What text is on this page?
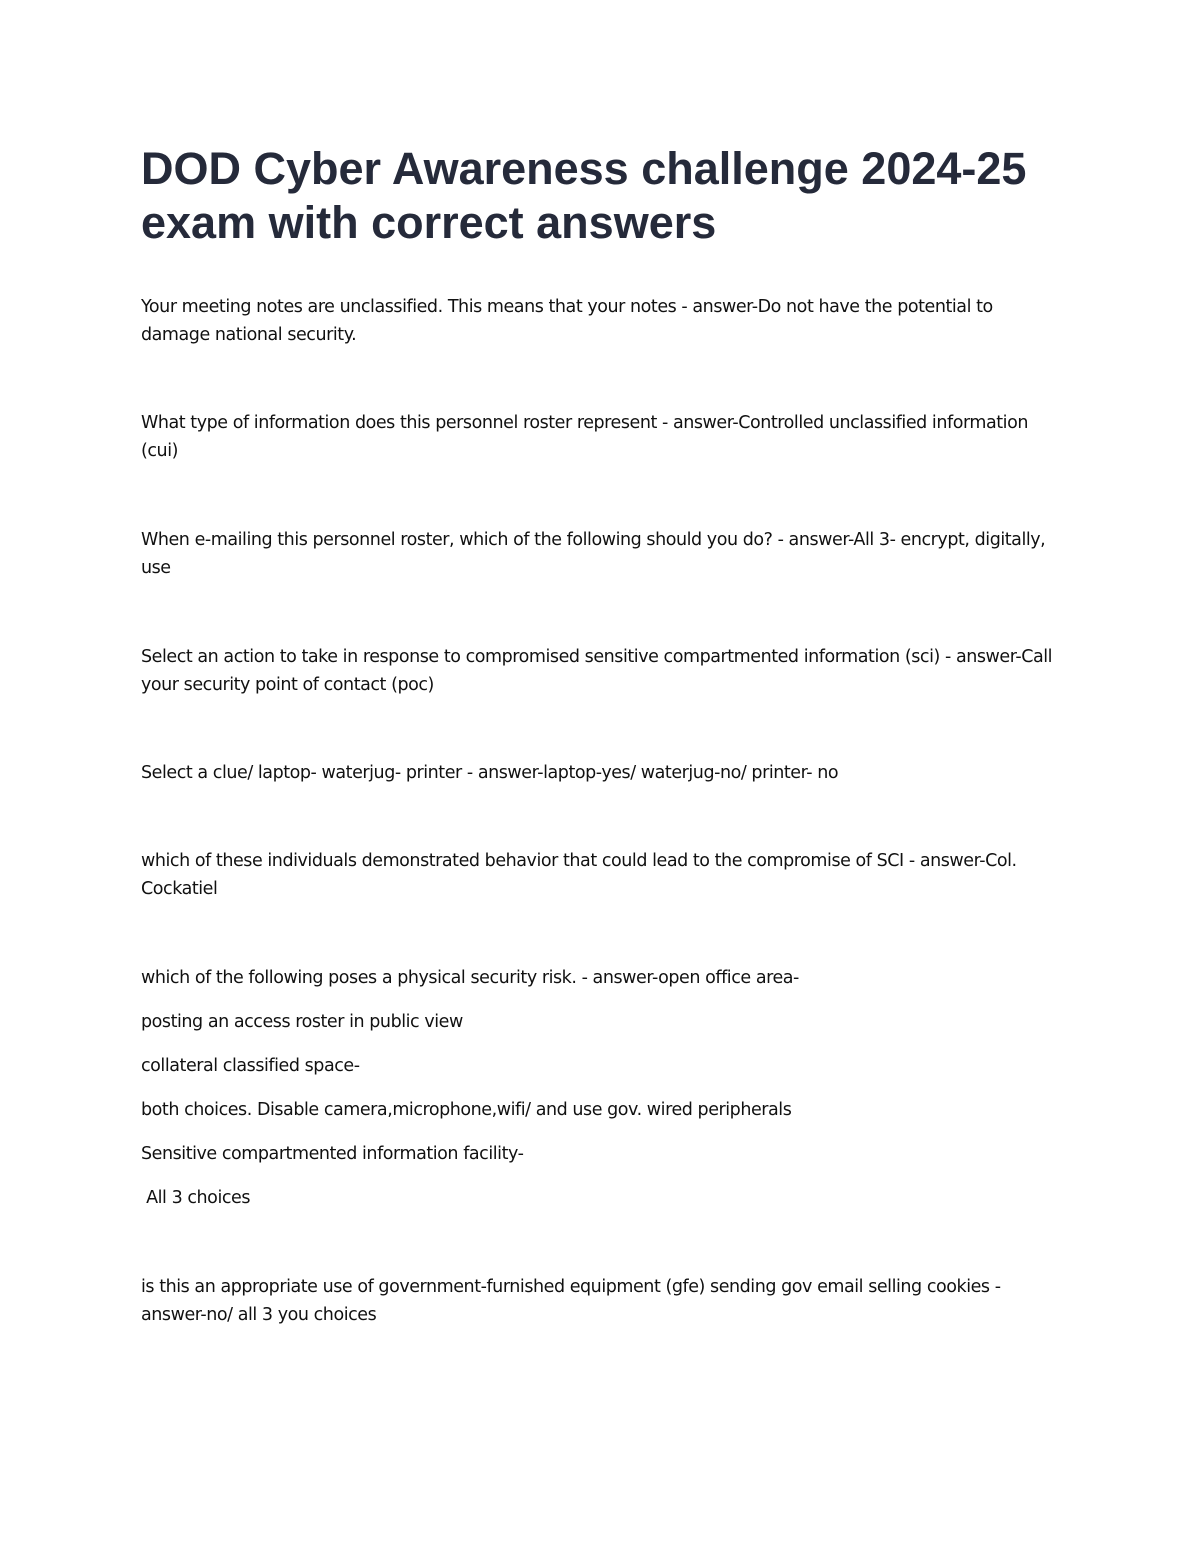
DOD Cyber Awareness challenge 2024-25 exam with correct answers

Your meeting notes are unclassified. This means that your notes - answer-Do not have the potential to damage national security.

What type of information does this personnel roster represent - answer-Controlled unclassified information (cui)

When e-mailing this personnel roster, which of the following should you do? - answer-All 3- encrypt, digitally, use

Select an action to take in response to compromised sensitive compartmented information (sci) - answer-Call your security point of contact (poc)

Select a clue/ laptop- waterjug- printer - answer-laptop-yes/ waterjug-no/ printer- no

which of these individuals demonstrated behavior that could lead to the compromise of SCI - answer-Col. Cockatiel

which of the following poses a physical security risk. - answer-open office area-

posting an access roster in public view

collateral classified space-

both choices. Disable camera,microphone,wifi/ and use gov. wired peripherals

Sensitive compartmented information facility-

All 3 choices

is this an appropriate use of government-furnished equipment (gfe) sending gov email selling cookies - answer-no/ all 3 you choices
